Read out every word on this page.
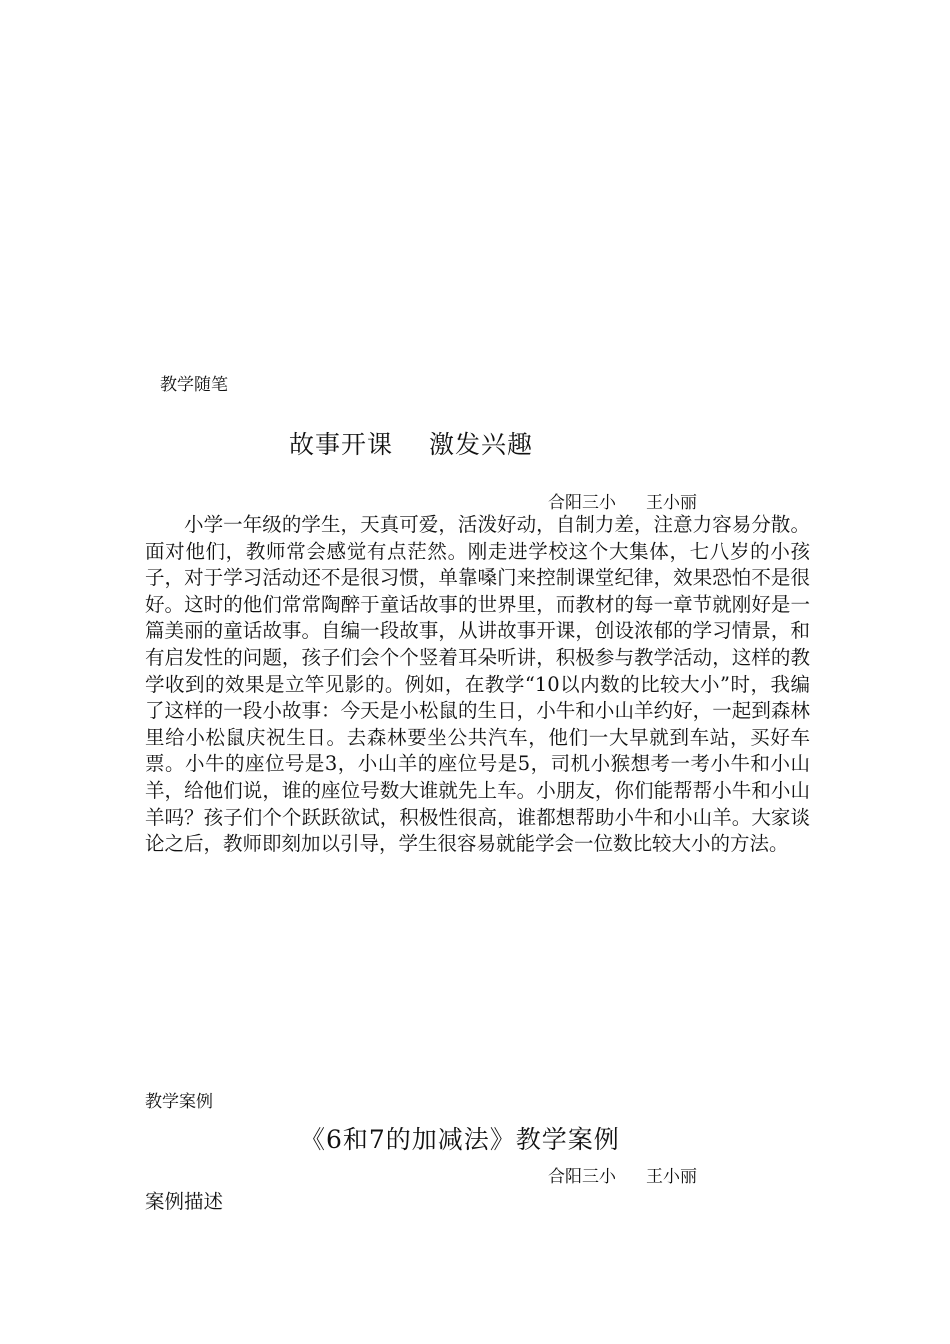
教学随笔
故事开课 激发兴趣
合阳三小 王小丽
小学一年级的学生，天真可爱，活泼好动，自制力差，注意力容易分散。面对他们，教师常会感觉有点茫然。刚走进学校这个大集体，七八岁的小孩子，对于学习活动还不是很习惯，单靠嗓门来控制课堂纪律，效果恐怕不是很好。这时的他们常常陶醉于童话故事的世界里，而教材的每一章节就刚好是一篇美丽的童话故事。自编一段故事，从讲故事开课，创设浓郁的学习情景，和有启发性的问题，孩子们会个个竖着耳朵听讲，积极参与教学活动，这样的教学收到的效果是立竿见影的。例如，在教学“10以内数的比较大小”时，我编了这样的一段小故事：今天是小松鼠的生日，小牛和小山羊约好，一起到森林里给小松鼠庆祝生日。去森林要坐公共汽车，他们一大早就到车站，买好车票。小牛的座位号是3，小山羊的座位号是5，司机小猴想考一考小牛和小山羊，给他们说，谁的座位号数大谁就先上车。小朋友，你们能帮帮小牛和小山羊吗？孩子们个个跃跃欲试，积极性很高，谁都想帮助小牛和小山羊。大家谈论之后，教师即刻加以引导，学生很容易就能学会一位数比较大小的方法。
教学案例
《6和7的加减法》教学案例
合阳三小 王小丽
案例描述
